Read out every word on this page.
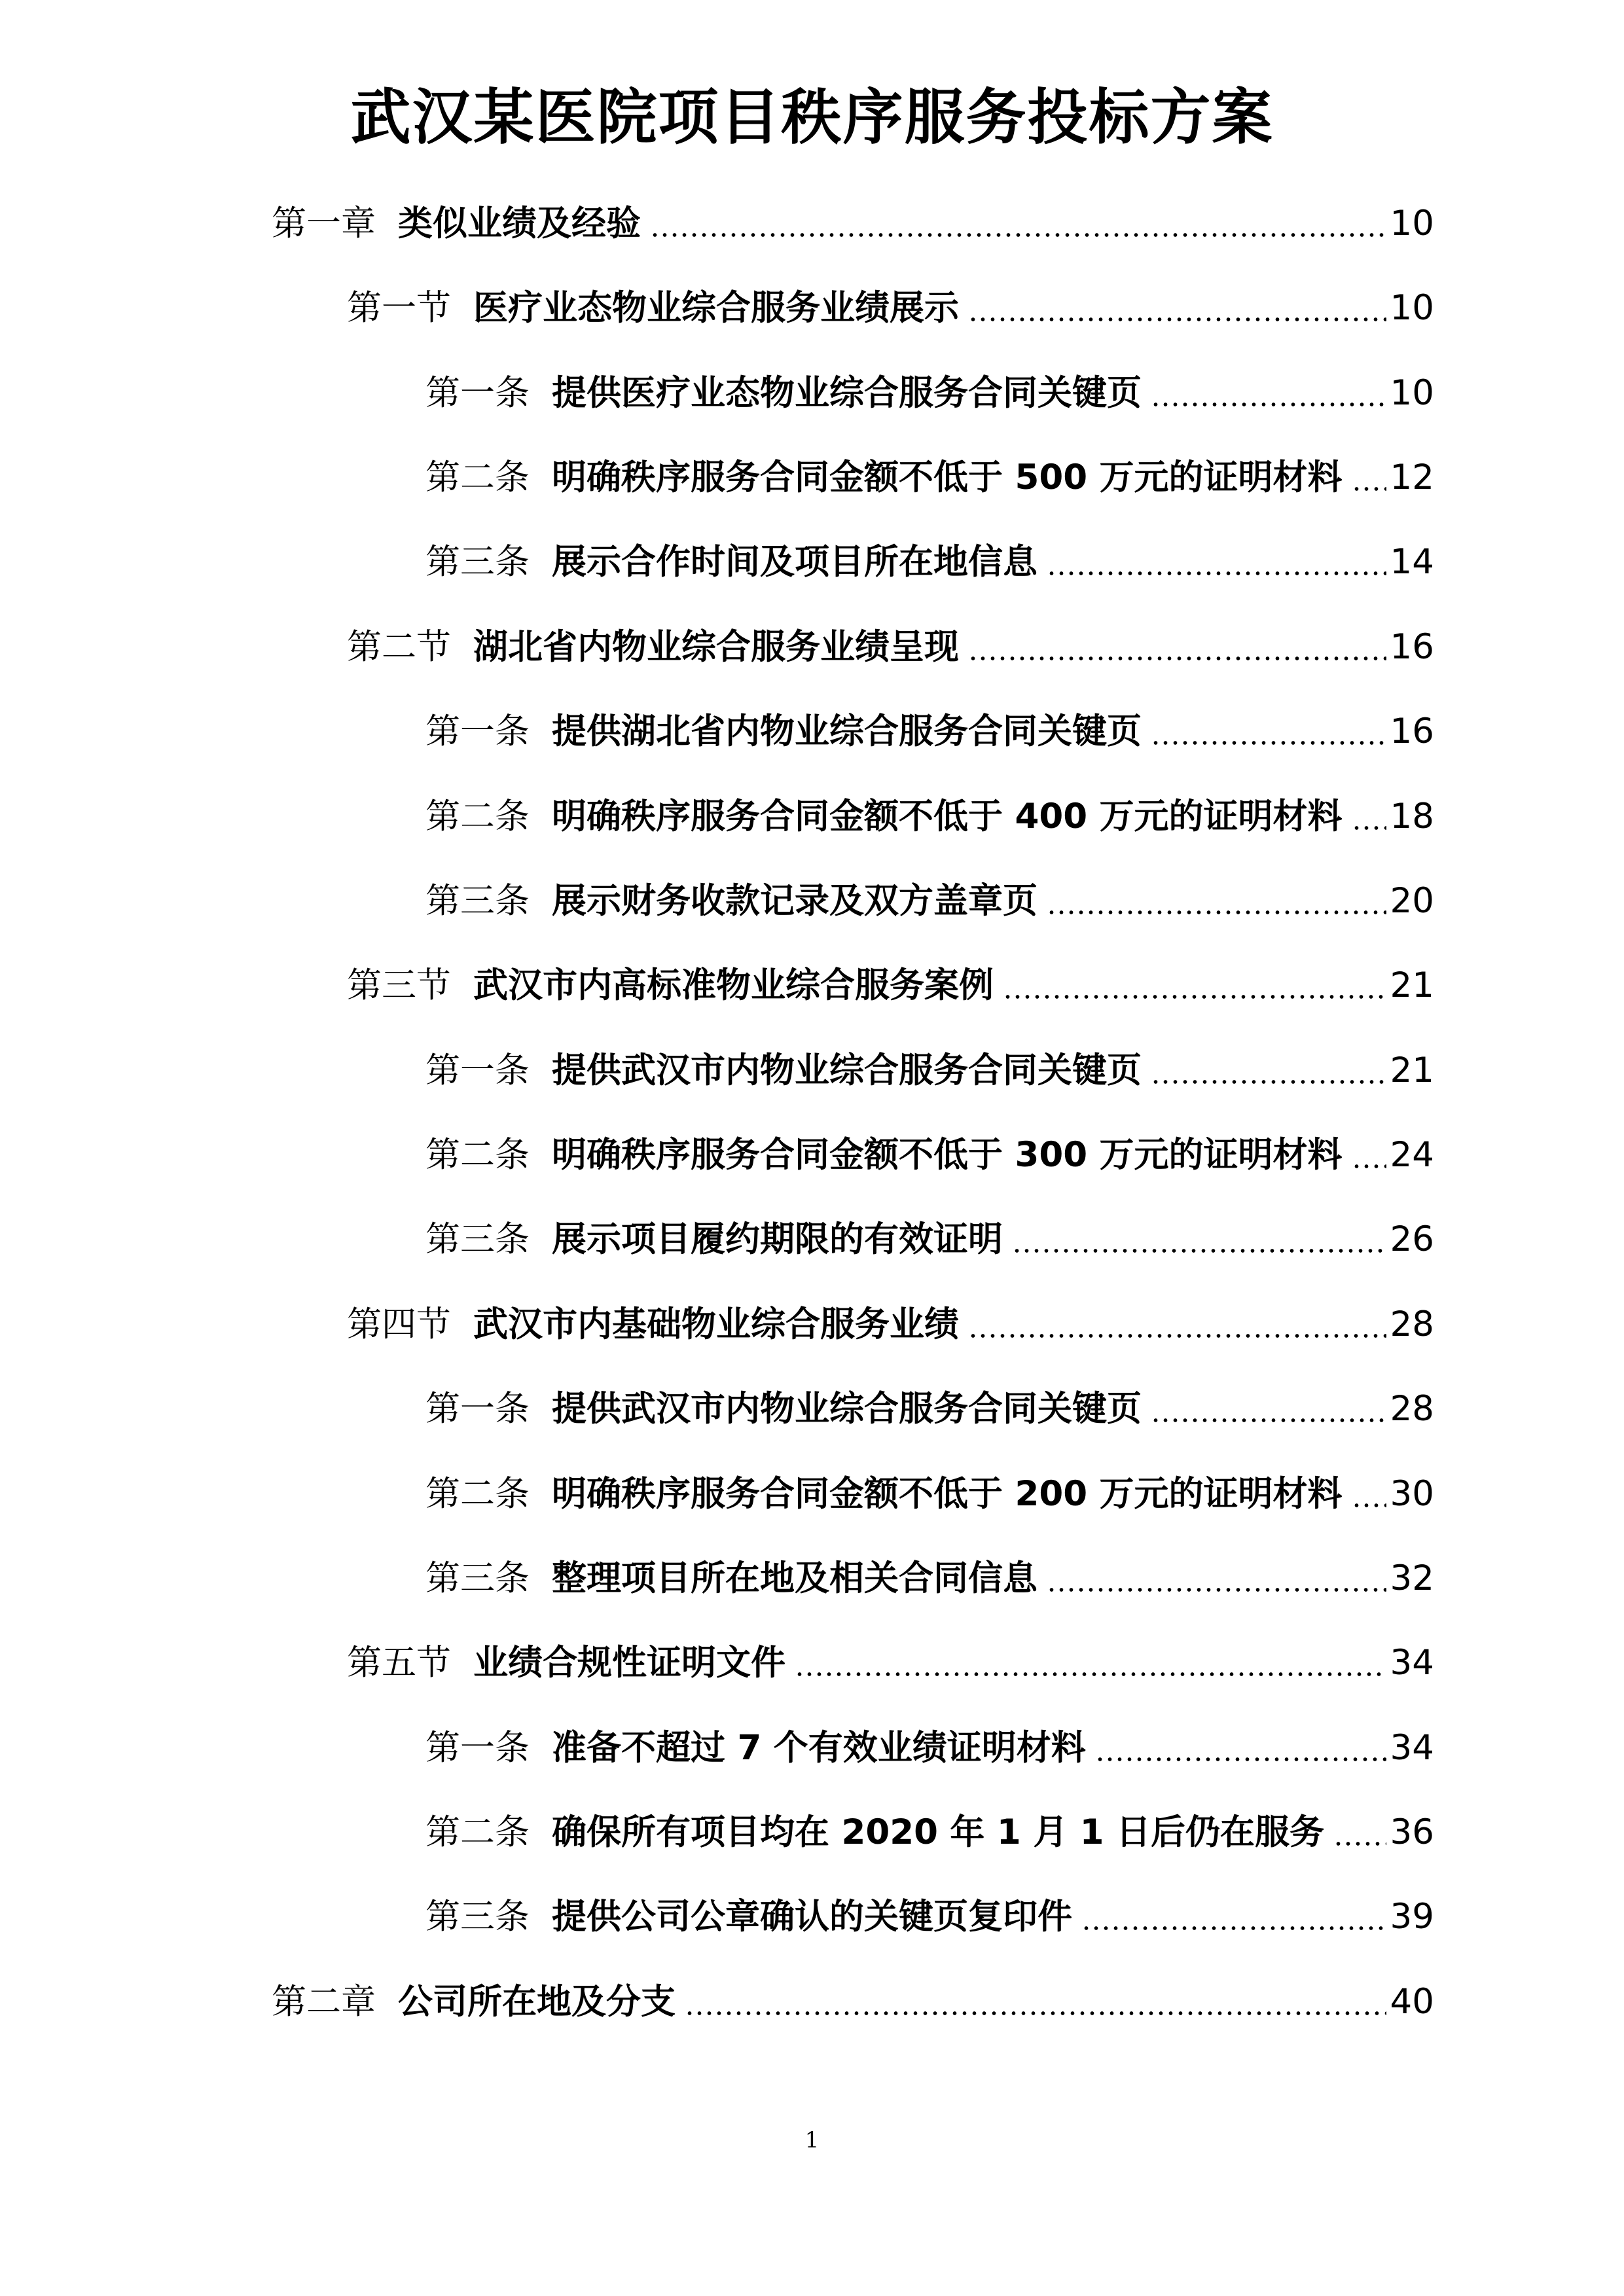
武汉某医院项目秩序服务投标方案
第一章 类似业绩及经验	10
第一节 医疗业态物业综合服务业绩展示	10
第一条 提供医疗业态物业综合服务合同关键页	10
第二条 明确秩序服务合同金额不低于 500 万元的证明材料 12
第三条 展示合作时间及项目所在地信息	14
第二节 湖北省内物业综合服务业绩呈现	16
第一条 提供湖北省内物业综合服务合同关键页	16
第二条 明确秩序服务合同金额不低于 400 万元的证明材料 18
第三条 展示财务收款记录及双方盖章页	20
第三节 武汉市内高标准物业综合服务案例	21
第一条 提供武汉市内物业综合服务合同关键页	21
第二条 明确秩序服务合同金额不低于 300 万元的证明材料 24
第三条 展示项目履约期限的有效证明	26
第四节 武汉市内基础物业综合服务业绩	28
第一条 提供武汉市内物业综合服务合同关键页	28
第二条 明确秩序服务合同金额不低于 200 万元的证明材料 30
第三条 整理项目所在地及相关合同信息	32
第五节 业绩合规性证明文件	34
第一条 准备不超过 7 个有效业绩证明材料	34
第二条 确保所有项目均在 2020 年 1 月 1 日后仍在服务 36
第三条 提供公司公章确认的关键页复印件	39
第二章 公司所在地及分支	40
1
